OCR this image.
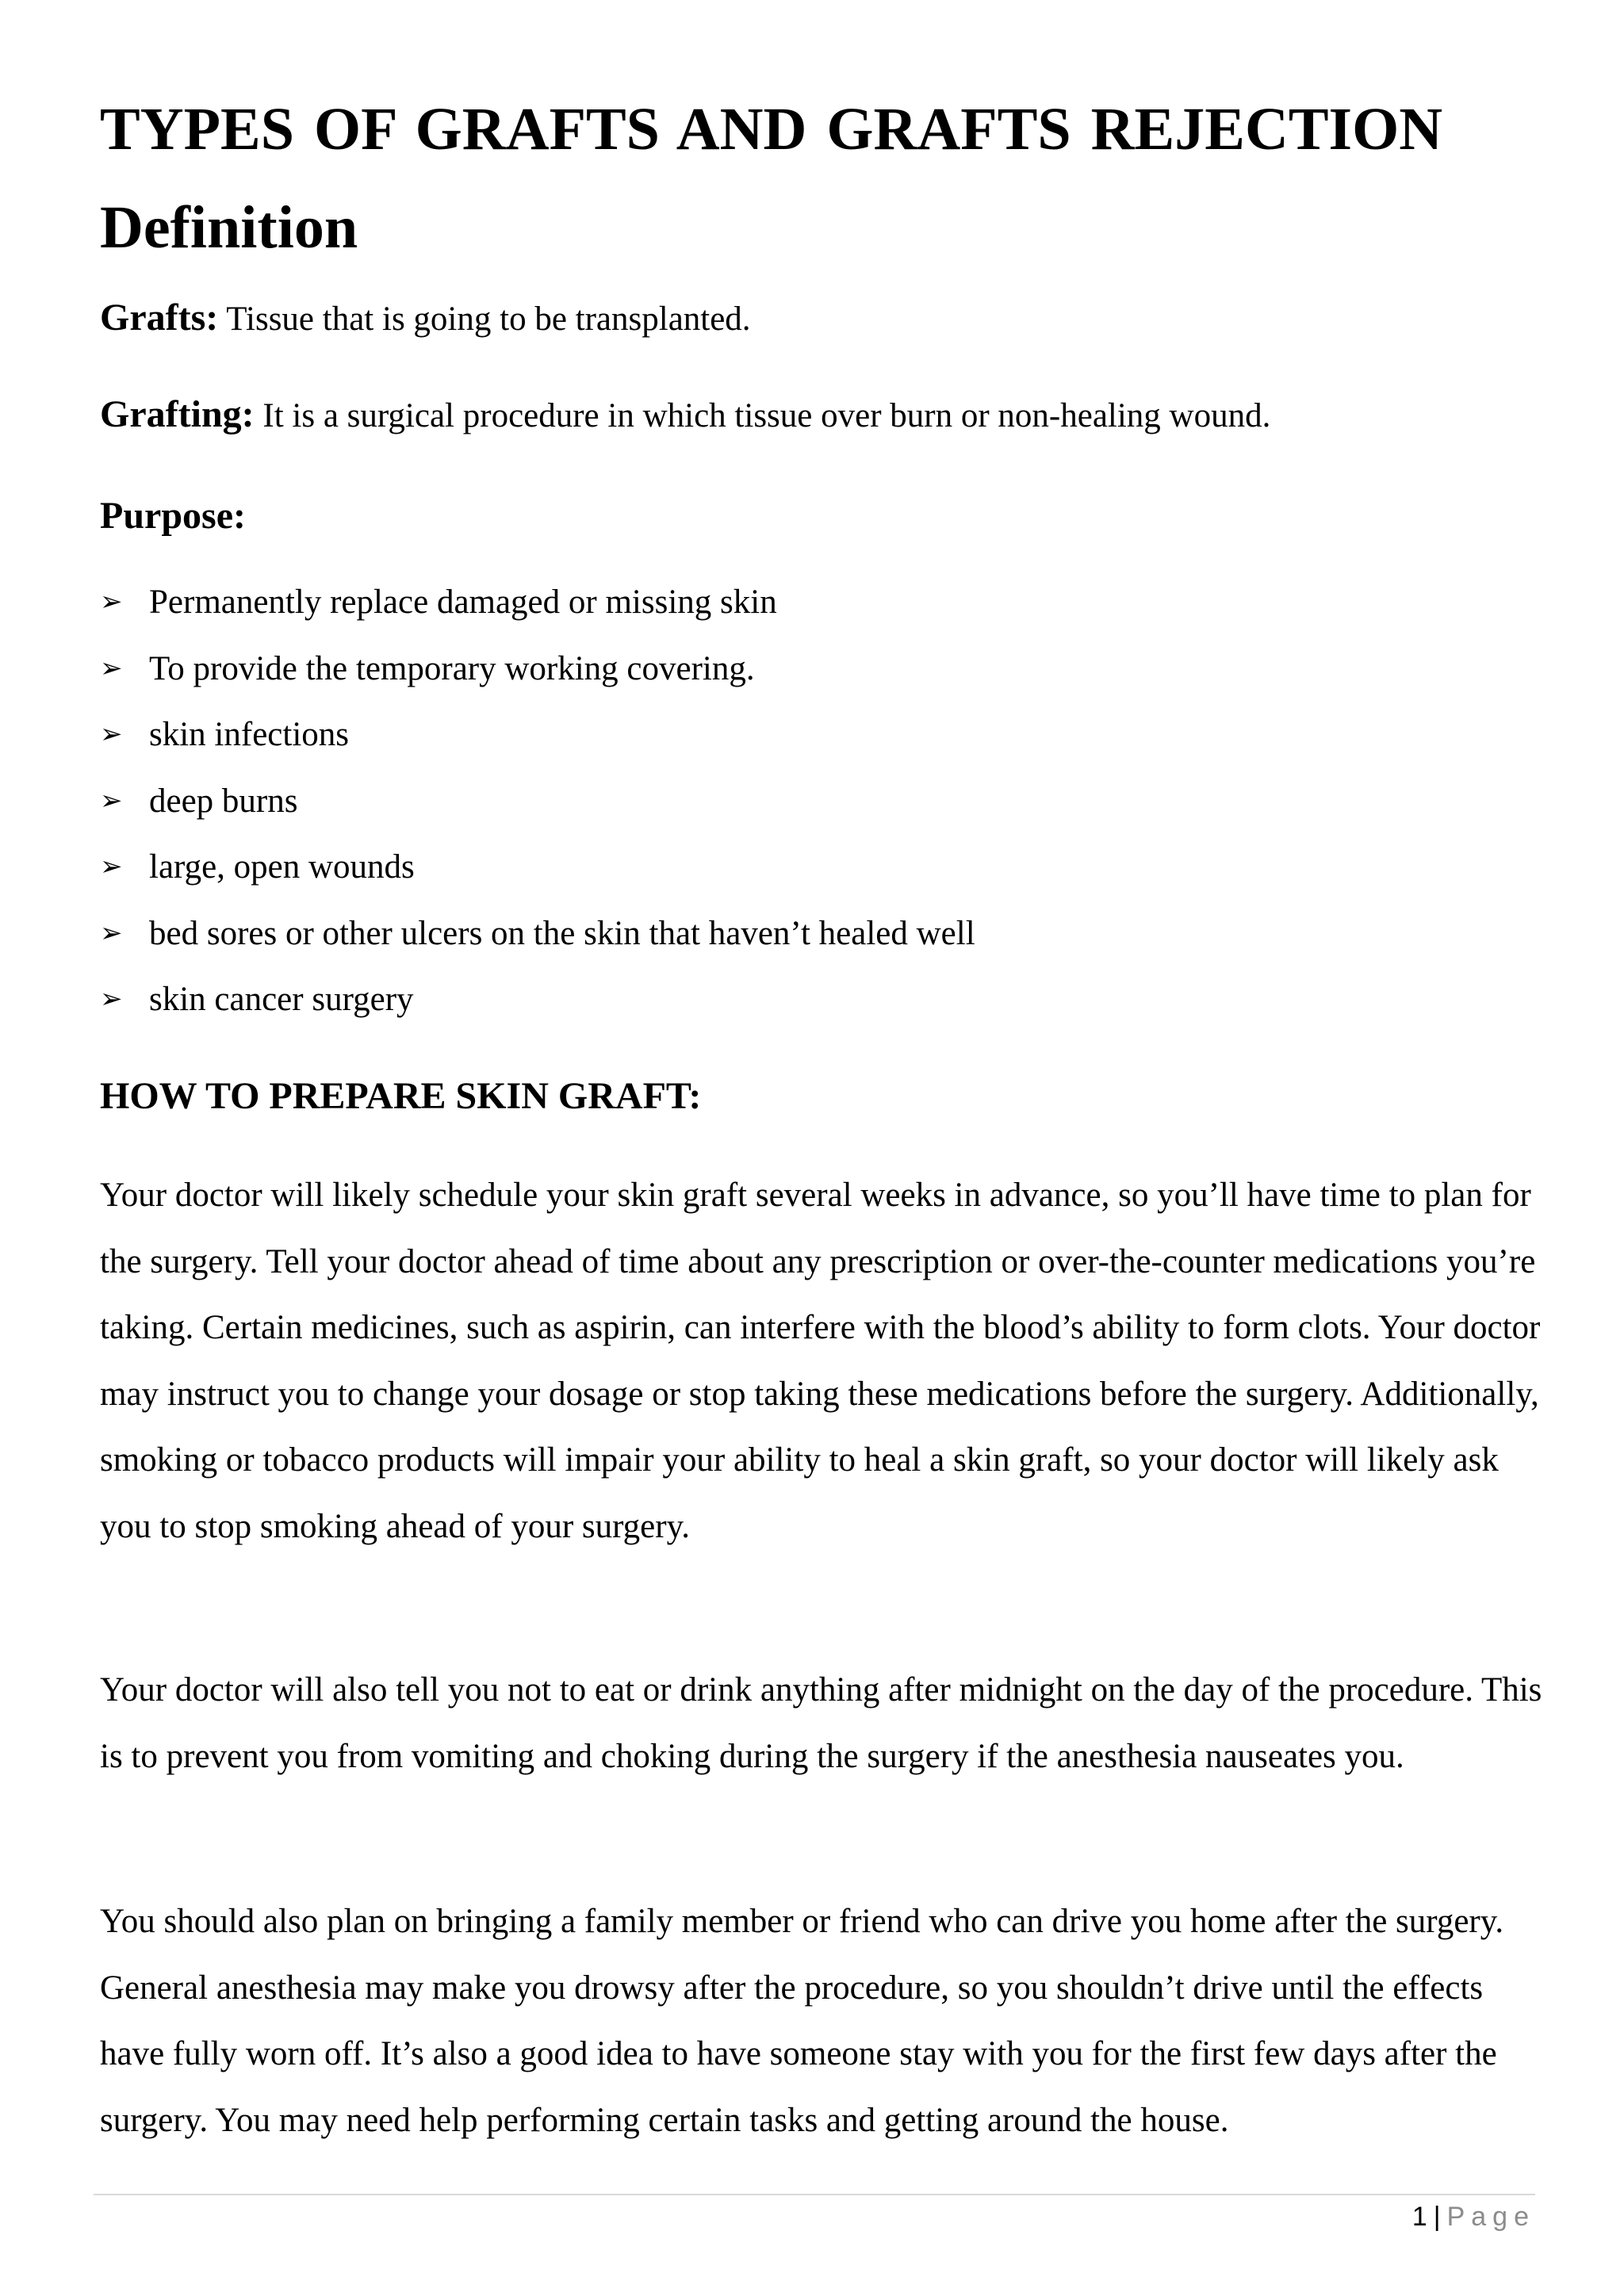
TYPES OF GRAFTS AND GRAFTS REJECTION
Definition

Grafts: Tissue that is going to be transplanted.

Grafting: It is a surgical procedure in which tissue over burn or non-healing wound.

Purpose:
➢ Permanently replace damaged or missing skin
➢ To provide the temporary working covering.
➢ skin infections
➢ deep burns
➢ large, open wounds
➢ bed sores or other ulcers on the skin that haven’t healed well
➢ skin cancer surgery
HOW TO PREPARE SKIN GRAFT:

Your doctor will likely schedule your skin graft several weeks in advance, so you’ll have time to plan for the surgery. Tell your doctor ahead of time about any prescription or over-the-counter medications you’re taking. Certain medicines, such as aspirin, can interfere with the blood’s ability to form clots. Your doctor may instruct you to change your dosage or stop taking these medications before the surgery. Additionally, smoking or tobacco products will impair your ability to heal a skin graft, so your doctor will likely ask you to stop smoking ahead of your surgery.

Your doctor will also tell you not to eat or drink anything after midnight on the day of the procedure. This is to prevent you from vomiting and choking during the surgery if the anesthesia nauseates you.

You should also plan on bringing a family member or friend who can drive you home after the surgery. General anesthesia may make you drowsy after the procedure, so you shouldn’t drive until the effects have fully worn off. It’s also a good idea to have someone stay with you for the first few days after the surgery. You may need help performing certain tasks and getting around the house.

1 | Page
